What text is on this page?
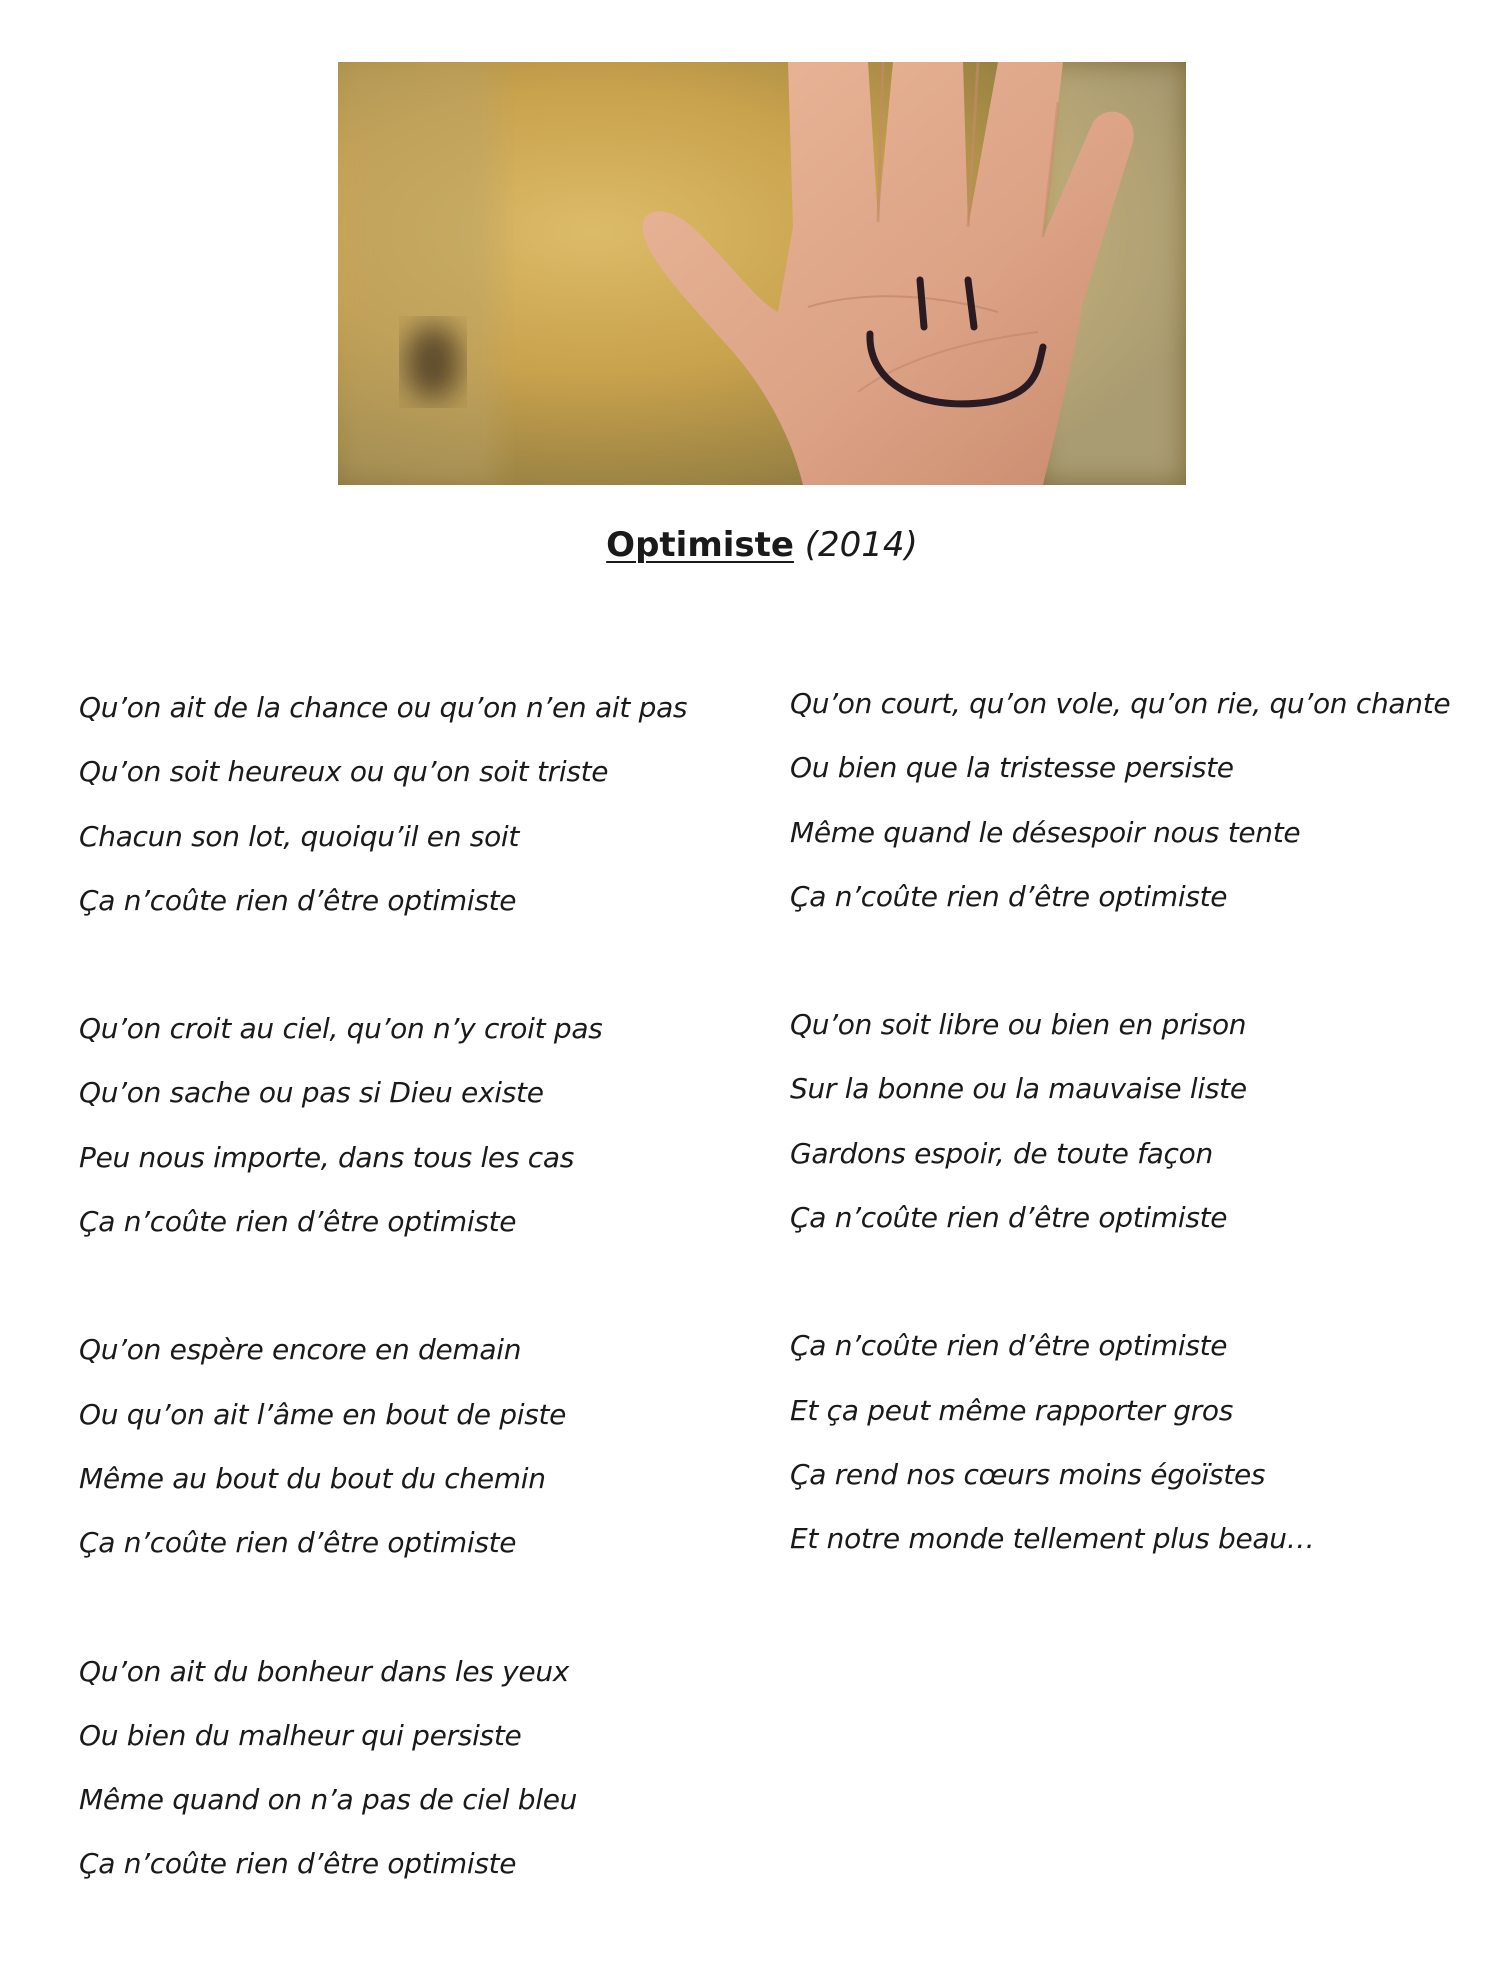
Optimiste (2014)

Qu’on ait de la chance ou qu’on n’en ait pas
Qu’on soit heureux ou qu’on soit triste
Chacun son lot, quoiqu’il en soit
Ça n’coûte rien d’être optimiste

Qu’on croit au ciel, qu’on n’y croit pas
Qu’on sache ou pas si Dieu existe
Peu nous importe, dans tous les cas
Ça n’coûte rien d’être optimiste

Qu’on espère encore en demain
Ou qu’on ait l’âme en bout de piste
Même au bout du bout du chemin
Ça n’coûte rien d’être optimiste

Qu’on ait du bonheur dans les yeux
Ou bien du malheur qui persiste
Même quand on n’a pas de ciel bleu
Ça n’coûte rien d’être optimiste

Qu’on court, qu’on vole, qu’on rie, qu’on chante
Ou bien que la tristesse persiste
Même quand le désespoir nous tente
Ça n’coûte rien d’être optimiste

Qu’on soit libre ou bien en prison
Sur la bonne ou la mauvaise liste
Gardons espoir, de toute façon
Ça n’coûte rien d’être optimiste

Ça n’coûte rien d’être optimiste
Et ça peut même rapporter gros
Ça rend nos cœurs moins égoïstes
Et notre monde tellement plus beau…
